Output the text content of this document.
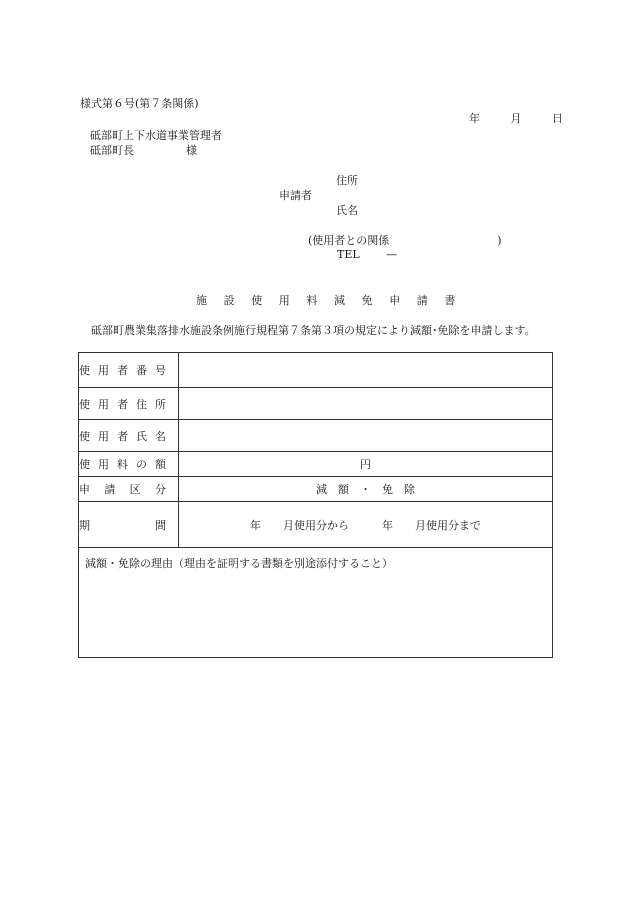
様式第６号(第７条関係)
年	月	日
砥部町上下水道事業管理者
砥部町長	様
住所
申請者
氏名
(使用者との関係	)
TEL —
施設使用料減免申請書
砥部町農業集落排水施設条例施行規程第７条第３項の規定により減額･免除を申請します。
使 用 者 番 号	

使 用 者 住 所	

使 用 者 氏 名	

使 用 料 の 額	円

申 請 区 分	減　額　・　免　除

期 間	年　　月使用分から　　　年　　月使用分まで
減額・免除の理由（理由を証明する書類を別途添付すること）	
